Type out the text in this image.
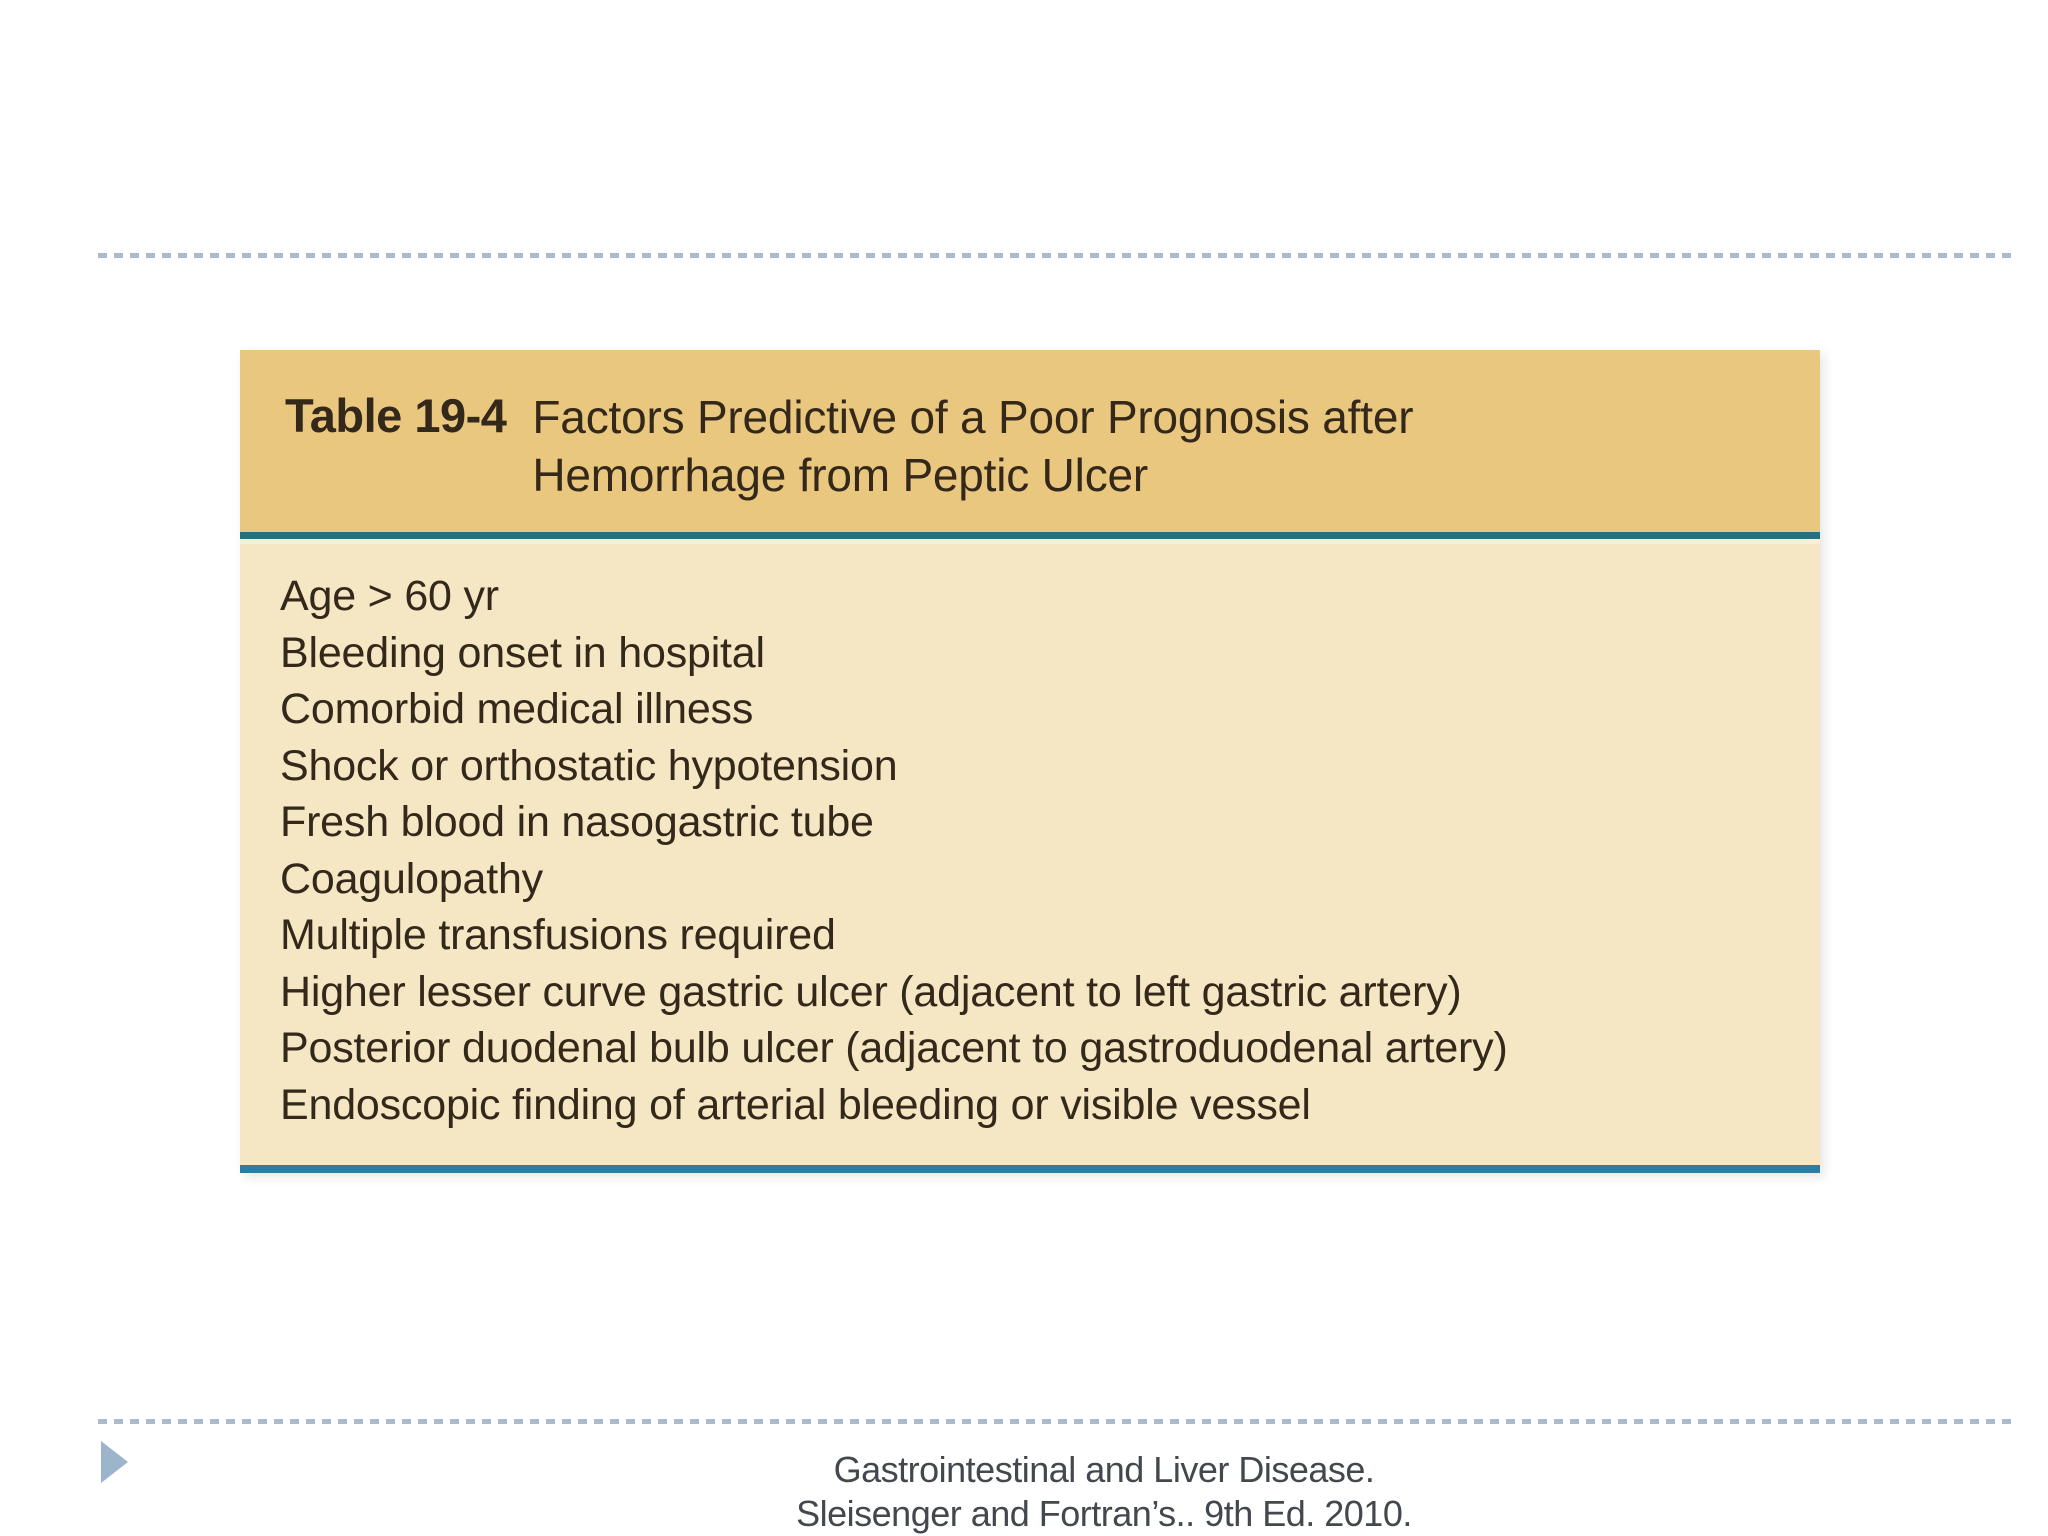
Table 19-4 Factors Predictive of a Poor Prognosis after Hemorrhage from Peptic Ulcer
Age > 60 yr
Bleeding onset in hospital
Comorbid medical illness
Shock or orthostatic hypotension
Fresh blood in nasogastric tube
Coagulopathy
Multiple transfusions required
Higher lesser curve gastric ulcer (adjacent to left gastric artery)
Posterior duodenal bulb ulcer (adjacent to gastroduodenal artery)
Endoscopic finding of arterial bleeding or visible vessel
Gastrointestinal and Liver Disease.
Sleisenger and Fortran’s.. 9th Ed. 2010.
